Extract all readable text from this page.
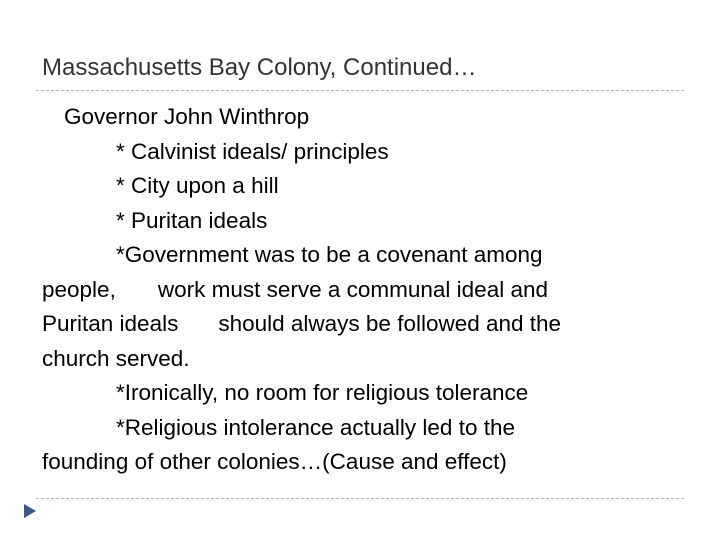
Massachusetts Bay Colony, Continued…
Governor John Winthrop
* Calvinist ideals/ principles
* City upon a hill
* Puritan ideals
*Government was to be a covenant among
people, work must serve a communal ideal and
Puritan ideals should always be followed and the
church served.
*Ironically, no room for religious tolerance
*Religious intolerance actually led to the
founding of other colonies…(Cause and effect)
